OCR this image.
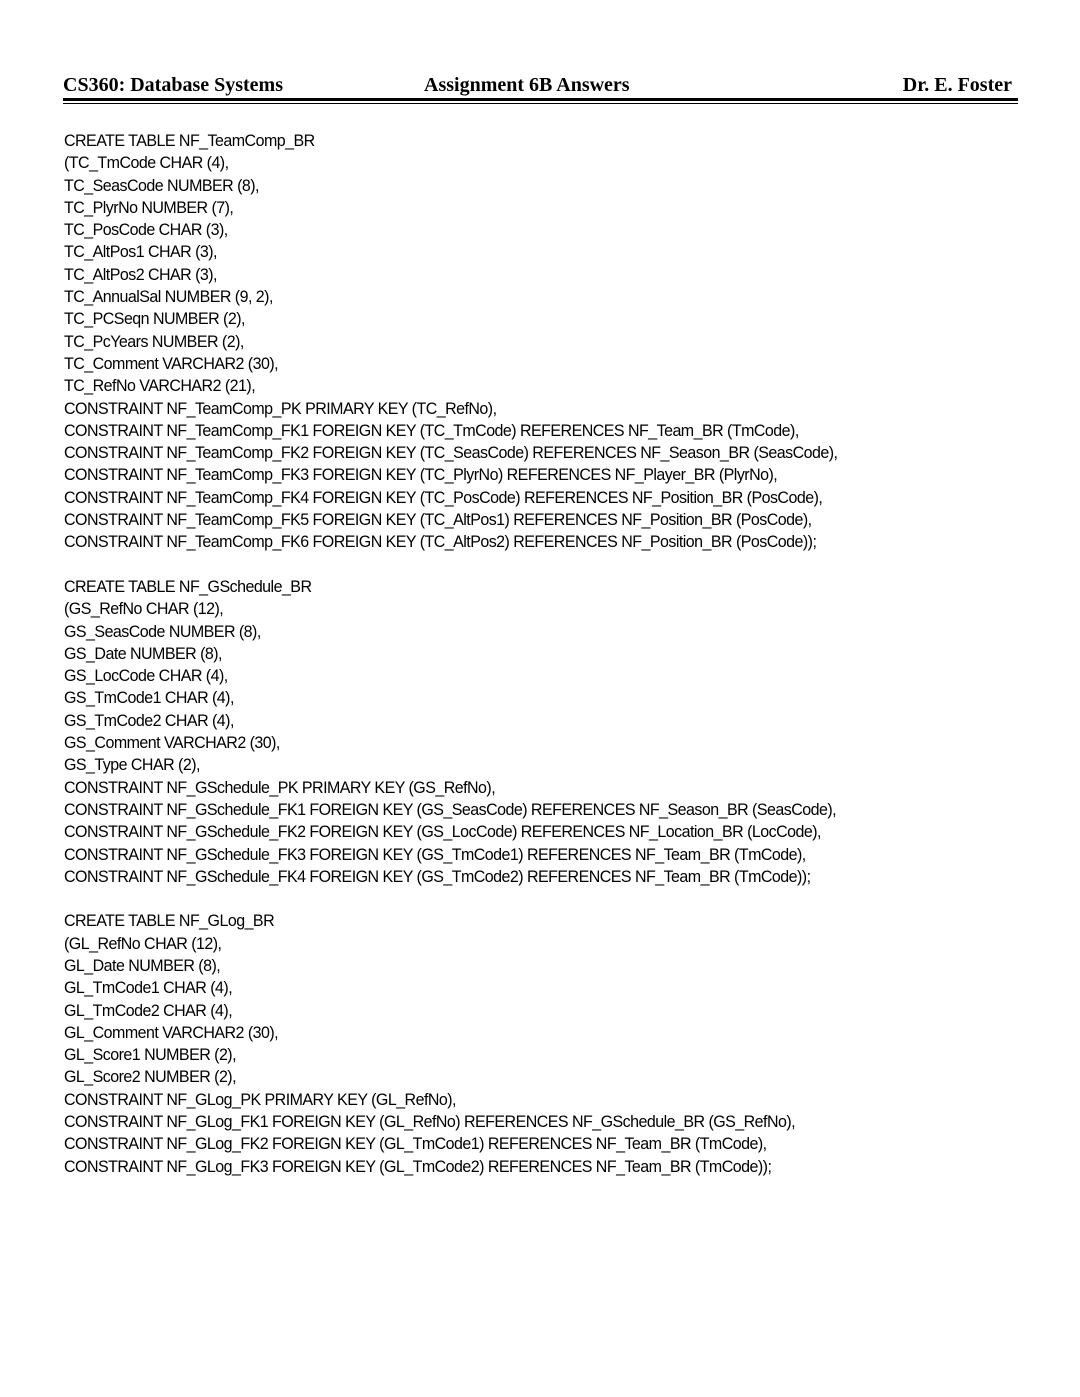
CS360: Database Systems	Assignment 6B Answers	Dr. E. Foster
CREATE TABLE NF_TeamComp_BR
(TC_TmCode CHAR (4),
TC_SeasCode NUMBER (8),
TC_PlyrNo NUMBER (7),
TC_PosCode CHAR (3),
TC_AltPos1 CHAR (3),
TC_AltPos2 CHAR (3),
TC_AnnualSal NUMBER (9, 2),
TC_PCSeqn NUMBER (2),
TC_PcYears NUMBER (2),
TC_Comment VARCHAR2 (30),
TC_RefNo VARCHAR2 (21),
CONSTRAINT NF_TeamComp_PK PRIMARY KEY (TC_RefNo),
CONSTRAINT NF_TeamComp_FK1 FOREIGN KEY (TC_TmCode) REFERENCES NF_Team_BR (TmCode),
CONSTRAINT NF_TeamComp_FK2 FOREIGN KEY (TC_SeasCode) REFERENCES NF_Season_BR (SeasCode),
CONSTRAINT NF_TeamComp_FK3 FOREIGN KEY (TC_PlyrNo) REFERENCES NF_Player_BR (PlyrNo),
CONSTRAINT NF_TeamComp_FK4 FOREIGN KEY (TC_PosCode) REFERENCES NF_Position_BR (PosCode),
CONSTRAINT NF_TeamComp_FK5 FOREIGN KEY (TC_AltPos1) REFERENCES NF_Position_BR (PosCode),
CONSTRAINT NF_TeamComp_FK6 FOREIGN KEY (TC_AltPos2) REFERENCES NF_Position_BR (PosCode));
CREATE TABLE NF_GSchedule_BR
(GS_RefNo CHAR (12),
GS_SeasCode NUMBER (8),
GS_Date NUMBER (8),
GS_LocCode CHAR (4),
GS_TmCode1 CHAR (4),
GS_TmCode2 CHAR (4),
GS_Comment VARCHAR2 (30),
GS_Type CHAR (2),
CONSTRAINT NF_GSchedule_PK PRIMARY KEY (GS_RefNo),
CONSTRAINT NF_GSchedule_FK1 FOREIGN KEY (GS_SeasCode) REFERENCES NF_Season_BR (SeasCode),
CONSTRAINT NF_GSchedule_FK2 FOREIGN KEY (GS_LocCode) REFERENCES NF_Location_BR (LocCode),
CONSTRAINT NF_GSchedule_FK3 FOREIGN KEY (GS_TmCode1) REFERENCES NF_Team_BR (TmCode),
CONSTRAINT NF_GSchedule_FK4 FOREIGN KEY (GS_TmCode2) REFERENCES NF_Team_BR (TmCode));
CREATE TABLE NF_GLog_BR
(GL_RefNo CHAR (12),
GL_Date NUMBER (8),
GL_TmCode1 CHAR (4),
GL_TmCode2 CHAR (4),
GL_Comment VARCHAR2 (30),
GL_Score1 NUMBER (2),
GL_Score2 NUMBER (2),
CONSTRAINT NF_GLog_PK PRIMARY KEY (GL_RefNo),
CONSTRAINT NF_GLog_FK1 FOREIGN KEY (GL_RefNo) REFERENCES NF_GSchedule_BR (GS_RefNo),
CONSTRAINT NF_GLog_FK2 FOREIGN KEY (GL_TmCode1) REFERENCES NF_Team_BR (TmCode),
CONSTRAINT NF_GLog_FK3 FOREIGN KEY (GL_TmCode2) REFERENCES NF_Team_BR (TmCode));
